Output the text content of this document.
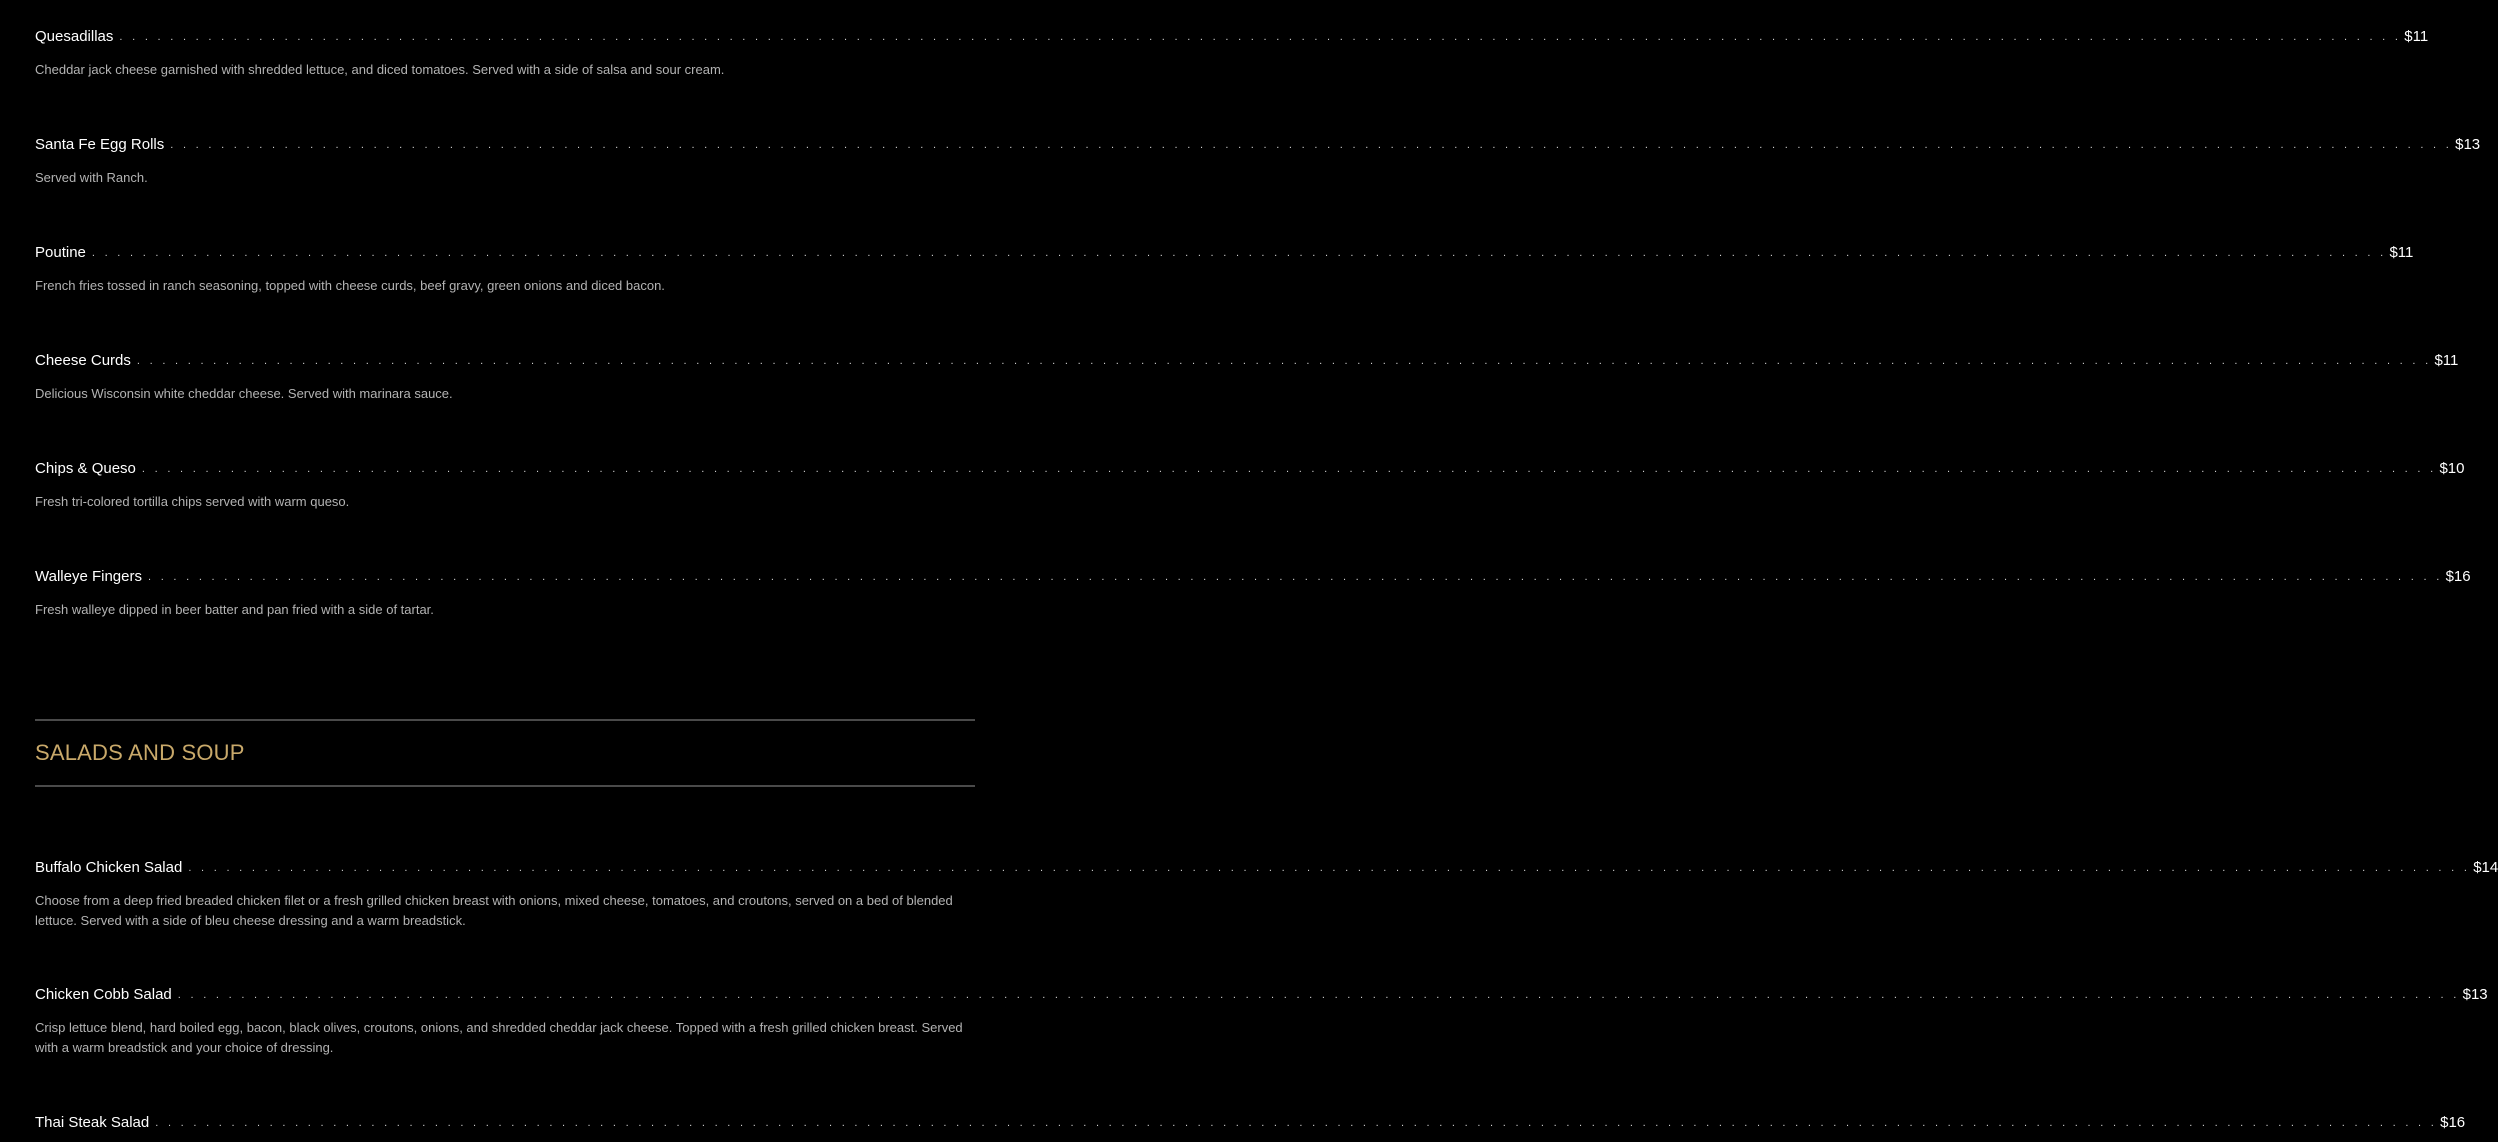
Quesadillas . . . . . . . . . . . . . . . . . . . . . . . . . . . . . . . . . . . . . . . . . . . . . . . . . . . . . . . . . . . . . . . . . . . . . . . . . . . . . . . . . . . . . . . . . . . . . . . . . . . . . . . . . . . . . . . . . . . . . . . . . . . . . . . . . . . . . . . . . . . . . . . . . . . . . . . . . . . . . . . . . . . . . . . . . . . . . . . . . . . . $11
Cheddar jack cheese garnished with shredded lettuce, and diced tomatoes. Served with a side of salsa and sour cream.
Santa Fe Egg Rolls . . . . . . . . . . . . . . . . . . . . . . . . . . . . . . . . . . . . . . . . . . . . . . . . . . . . . . . . . . . . . . . . . . . . . . . . . . . . . . . . . . . . . . . . . . . . . . . . . . . . . . . . . . . . . . . . . . . . . . . . . . . . . . . . . . . . . . . . . . . . . . . . . . . . . . . . . . . . . . . . . . . . . . . . . . . . . . . . . . . . $13
Served with Ranch.
Poutine . . . . . . . . . . . . . . . . . . . . . . . . . . . . . . . . . . . . . . . . . . . . . . . . . . . . . . . . . . . . . . . . . . . . . . . . . . . . . . . . . . . . . . . . . . . . . . . . . . . . . . . . . . . . . . . . . . . . . . . . . . . . . . . . . . . . . . . . . . . . . . . . . . . . . . . . . . . . . . . . . . . . . . . . . . . . . . . . . . . . . $11
French fries tossed in ranch seasoning, topped with cheese curds, beef gravy, green onions and diced bacon.
Cheese Curds . . . . . . . . . . . . . . . . . . . . . . . . . . . . . . . . . . . . . . . . . . . . . . . . . . . . . . . . . . . . . . . . . . . . . . . . . . . . . . . . . . . . . . . . . . . . . . . . . . . . . . . . . . . . . . . . . . . . . . . . . . . . . . . . . . . . . . . . . . . . . . . . . . . . . . . . . . . . . . . . . . . . . . . . . . . . . . . . . . . . . $11
Delicious Wisconsin white cheddar cheese. Served with marinara sauce.
Chips & Queso . . . . . . . . . . . . . . . . . . . . . . . . . . . . . . . . . . . . . . . . . . . . . . . . . . . . . . . . . . . . . . . . . . . . . . . . . . . . . . . . . . . . . . . . . . . . . . . . . . . . . . . . . . . . . . . . . . . . . . . . . . . . . . . . . . . . . . . . . . . . . . . . . . . . . . . . . . . . . . . . . . . . . . . . . . . . . . . . . . . . . $10
Fresh tri-colored tortilla chips served with warm queso.
Walleye Fingers . . . . . . . . . . . . . . . . . . . . . . . . . . . . . . . . . . . . . . . . . . . . . . . . . . . . . . . . . . . . . . . . . . . . . . . . . . . . . . . . . . . . . . . . . . . . . . . . . . . . . . . . . . . . . . . . . . . . . . . . . . . . . . . . . . . . . . . . . . . . . . . . . . . . . . . . . . . . . . . . . . . . . . . . . . . . . . . . . . . . . $16
Fresh walleye dipped in beer batter and pan fried with a side of tartar.
Buffalo Chicken Salad . . . . . . . . . . . . . . . . . . . . . . . . . . . . . . . . . . . . . . . . . . . . . . . . . . . . . . . . . . . . . . . . . . . . . . . . . . . . . . . . . . . . . . . . . . . . . . . . . . . . . . . . . . . . . . . . . . . . . . . . . . . . . . . . . . . . . . . . . . . . . . . . . . . . . . . . . . . . . . . . . . . . . . . . . . . . . . . . . . . . $14
Choose from a deep fried breaded chicken filet or a fresh grilled chicken breast with onions, mixed cheese, tomatoes, and croutons, served on a bed of blended lettuce. Served with a side of bleu cheese dressing and a warm breadstick.
Chicken Cobb Salad . . . . . . . . . . . . . . . . . . . . . . . . . . . . . . . . . . . . . . . . . . . . . . . . . . . . . . . . . . . . . . . . . . . . . . . . . . . . . . . . . . . . . . . . . . . . . . . . . . . . . . . . . . . . . . . . . . . . . . . . . . . . . . . . . . . . . . . . . . . . . . . . . . . . . . . . . . . . . . . . . . . . . . . . . . . . . . . . . . . . $13
Crisp lettuce blend, hard boiled egg, bacon, black olives, croutons, onions, and shredded cheddar jack cheese. Topped with a fresh grilled chicken breast. Served with a warm breadstick and your choice of dressing.
Thai Steak Salad . . . . . . . . . . . . . . . . . . . . . . . . . . . . . . . . . . . . . . . . . . . . . . . . . . . . . . . . . . . . . . . . . . . . . . . . . . . . . . . . . . . . . . . . . . . . . . . . . . . . . . . . . . . . . . . . . . . . . . . . . . . . . . . . . . . . . . . . . . . . . . . . . . . . . . . . . . . . . . . . . . . . . . . . . . . . . . . . . . . . $16
SALADS AND SOUP
